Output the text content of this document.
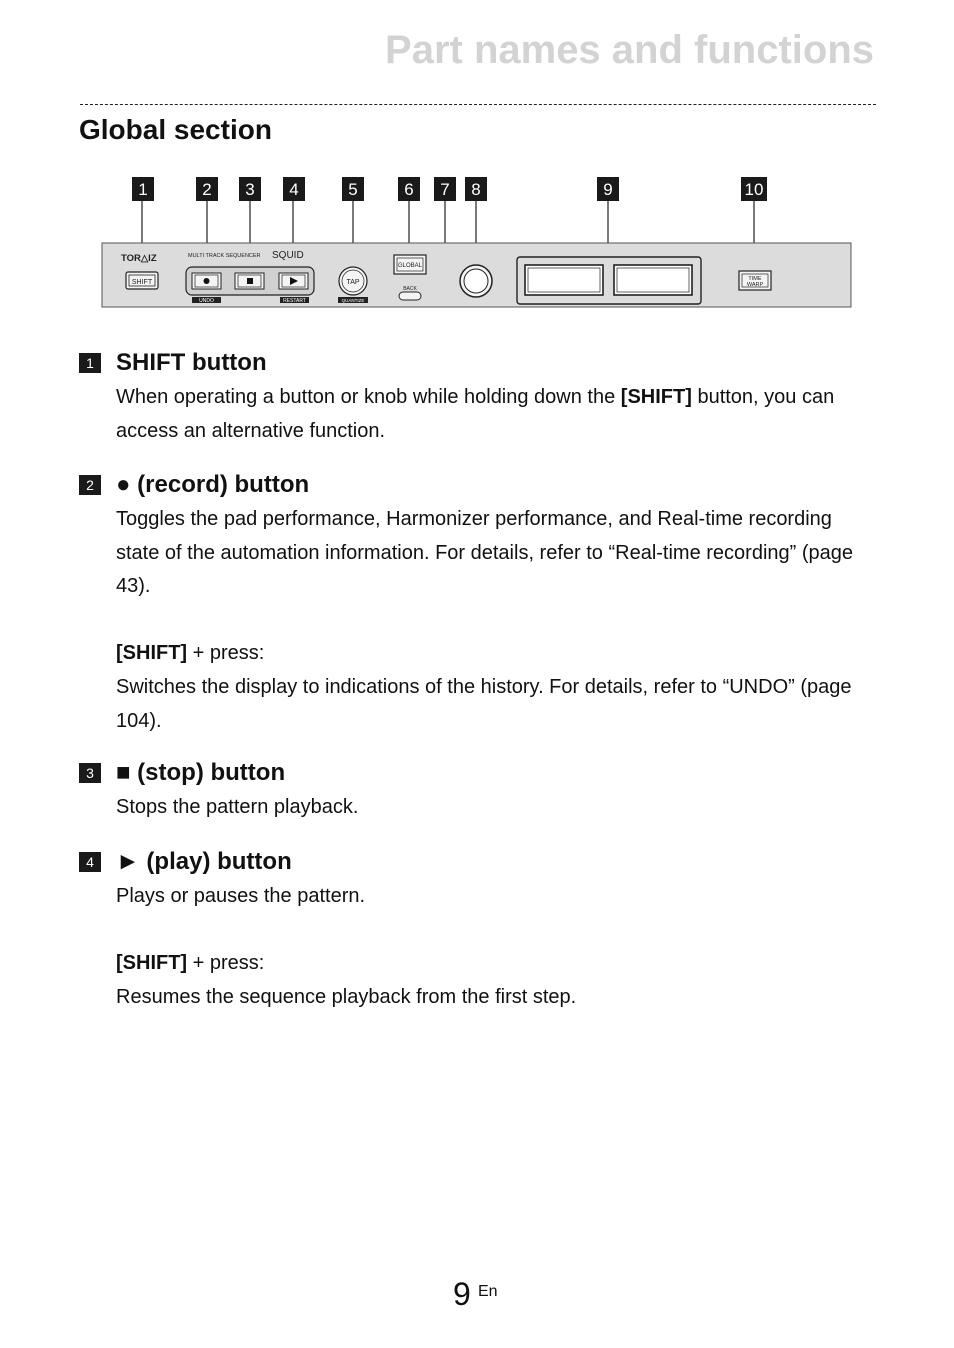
Part names and functions
Global section
1	2 3 4	5	6 7 8	9	10
TOR△IZ
SHIFT
MULTI TRACK SEQUENCER SQUID
UNDO	RESTART
TAP
QUANTIZE
GLOBAL
BACK
TIME
WARP
1 SHIFT button

When operating a button or knob while holding down the [SHIFT] button, you can access an alternative function.

2 ● (record) button

Toggles the pad performance, Harmonizer performance, and Real-time recording state of the automation information. For details, refer to “Real-time recording” (page 43).

[SHIFT] + press:

Switches the display to indications of the history. For details, refer to “UNDO” (page 104).

3 ■ (stop) button

Stops the pattern playback.

4 ► (play) button

Plays or pauses the pattern.

[SHIFT] + press:

Resumes the sequence playback from the first step.

9 En
